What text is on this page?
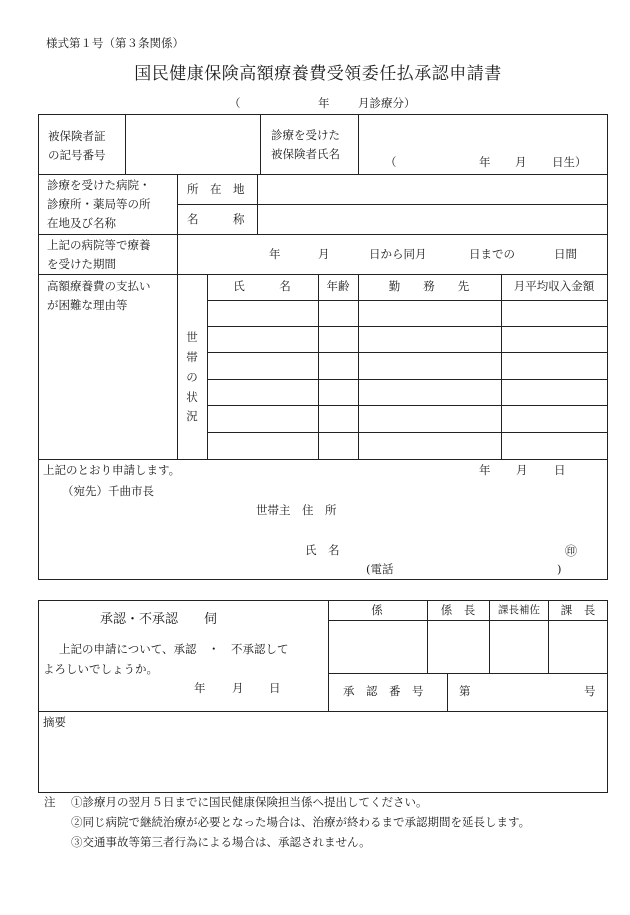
様式第１号（第３条関係）
国民健康保険高額療養費受領委任払承認申請書
（	年 月診療分）
被保険者証
の記号番号
診療を受けた
被保険者氏名
（	年 月 日生）
診療を受けた病院・
診療所・薬局等の所
在地及び名称
所　在　地
名　　　称
上記の病院等で療養
を受けた期間
年	月	日から同月	日までの	日間
高額療養費の支払い
が困難な理由等
世
帯
の
状
況
氏　　　名	年齢	勤　　務　　先	月平均収入金額
上記のとおり申請します。	年 月 日
（宛先）千曲市長
世帯主　住　所
氏　名	㊞
(電話	)
承認・不承認　　伺
上記の申請について、承認　・　不承認して
よろしいでしょうか。
年 月 日
係	係　長 課長補佐 課　長
承　認　番　号	第	号
摘要
注 ①診療月の翌月５日までに国民健康保険担当係へ提出してください。
②同じ病院で継続治療が必要となった場合は、治療が終わるまで承認期間を延長します。
③交通事故等第三者行為による場合は、承認されません。
